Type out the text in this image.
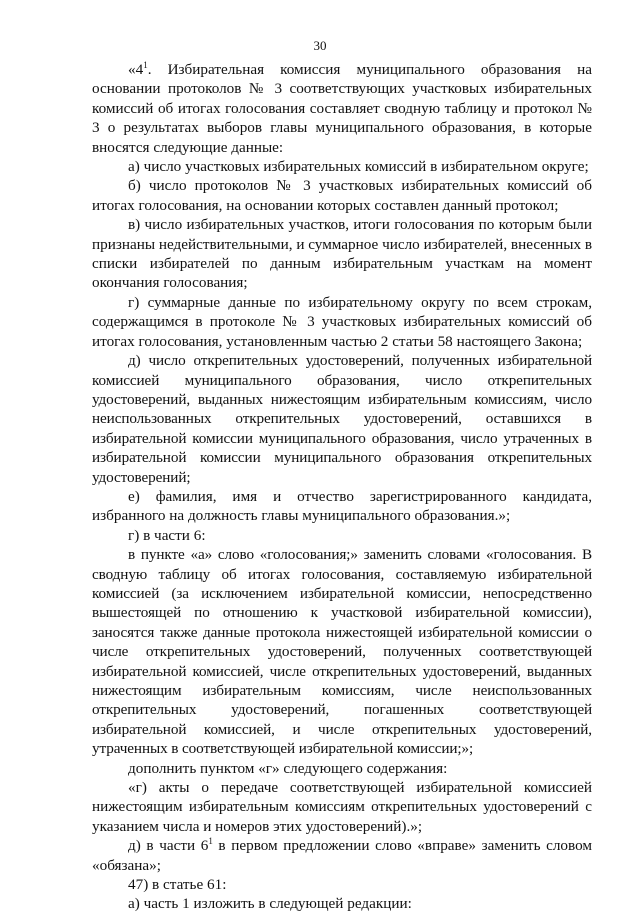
30

«$4^1$. Избирательная комиссия муниципального образования на основании протоколов № 3 соответствующих участковых избирательных комиссий об итогах голосования составляет сводную таблицу и протокол № 3 о результатах выборов главы муниципального образования, в которые вносятся следующие данные:

а) число участковых избирательных комиссий в избирательном округе;

б) число протоколов № 3 участковых избирательных комиссий об итогах голосования, на основании которых составлен данный протокол;

в) число избирательных участков, итоги голосования по которым были признаны недействительными, и суммарное число избирателей, внесенных в списки избирателей по данным избирательным участкам на момент окончания голосования;

г) суммарные данные по избирательному округу по всем строкам, содержащимся в протоколе № 3 участковых избирательных комиссий об итогах голосования, установленным частью 2 статьи 58 настоящего Закона;

д) число открепительных удостоверений, полученных избирательной комиссией муниципального образования, число открепительных удостоверений, выданных нижестоящим избирательным комиссиям, число неиспользованных открепительных удостоверений, оставшихся в избирательной комиссии муниципального образования, число утраченных в избирательной комиссии муниципального образования открепительных удостоверений;

е) фамилия, имя и отчество зарегистрированного кандидата, избранного на должность главы муниципального образования.»;

г) в части 6:

в пункте «а» слово «голосования;» заменить словами «голосования. В сводную таблицу об итогах голосования, составляемую избирательной комиссией (за исключением избирательной комиссии, непосредственно вышестоящей по отношению к участковой избирательной комиссии), заносятся также данные протокола нижестоящей избирательной комиссии о числе открепительных удостоверений, полученных соответствующей избирательной комиссией, числе открепительных удостоверений, выданных нижестоящим избирательным комиссиям, числе неиспользованных открепительных удостоверений, погашенных соответствующей избирательной комиссией, и числе открепительных удостоверений, утраченных в соответствующей избирательной комиссии;»;

дополнить пунктом «г» следующего содержания:

«г) акты о передаче соответствующей избирательной комиссией нижестоящим избирательным комиссиям открепительных удостоверений с указанием числа и номеров этих удостоверений).»;

д) в части $6^1$ в первом предложении слово «вправе» заменить словом «обязана»;

47) в статье 61:

а) часть 1 изложить в следующей редакции:
